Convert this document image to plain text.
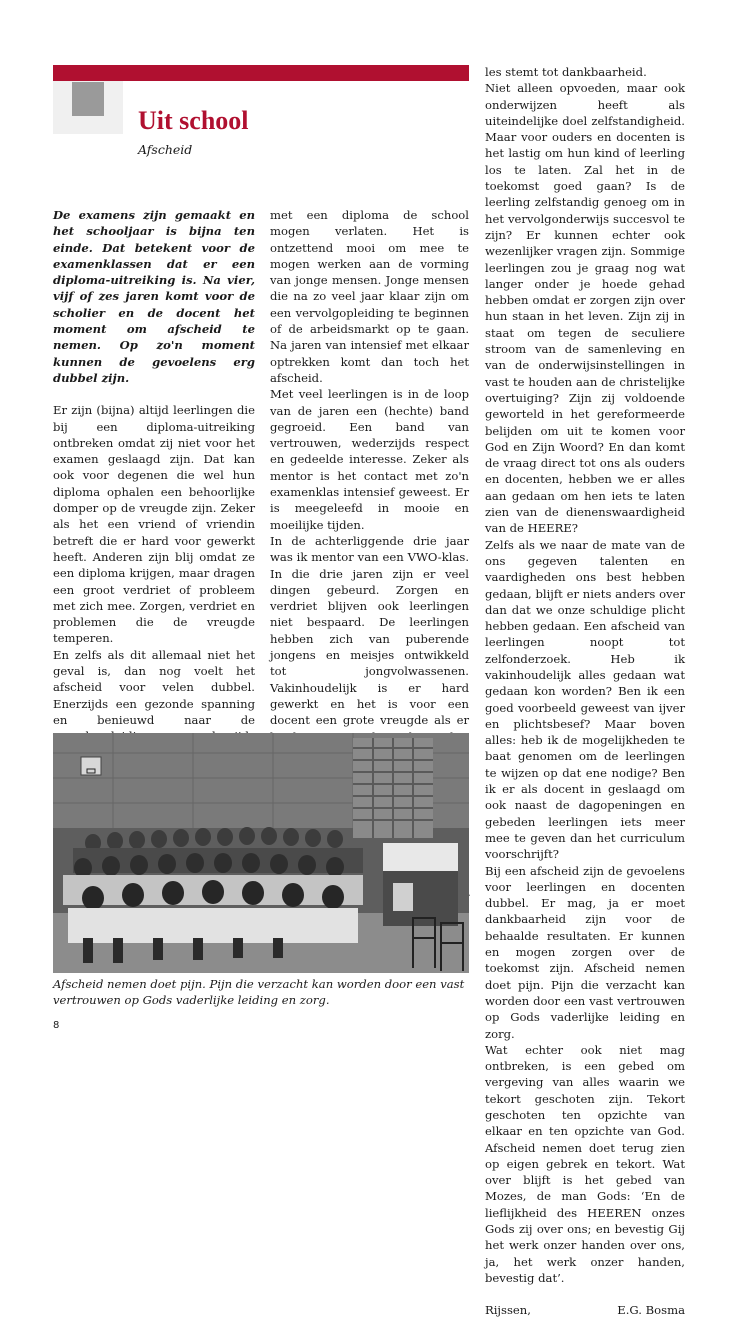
Uit school
Afscheid

De examens zijn gemaakt en het schooljaar is bijna ten einde. Dat betekent voor de examenklassen dat er een diploma-uitreiking is. Na vier, vijf of zes jaren komt voor de scholier en de docent het moment om afscheid te nemen. Op zo'n moment kunnen de gevoelens erg dubbel zijn.

Er zijn (bijna) altijd leerlingen die bij een diploma-uitreiking ontbreken omdat zij niet voor het examen geslaagd zijn. Dat kan ook voor degenen die wel hun diploma ophalen een behoorlijke domper op de vreugde zijn. Zeker als het een vriend of vriendin betreft die er hard voor gewerkt heeft. Anderen zijn blij omdat ze een diploma krijgen, maar dragen een groot verdriet of probleem met zich mee. Zorgen, verdriet en problemen die de vreugde temperen.

En zelfs als dit allemaal niet het geval is, dan nog voelt het afscheid voor velen dubbel. Enerzijds een gezonde spanning en benieuwd naar de

met een diploma de school mogen verlaten. Het is ontzettend mooi om mee te mogen werken aan de vorming van jonge mensen. Jonge mensen die na zo veel jaar klaar zijn om een vervolgopleiding te beginnen of de arbeidsmarkt op te gaan. Na jaren van intensief met elkaar optrekken komt dan toch het afscheid.

Met veel leerlingen is in de loop van de jaren een (hechte) band gegroeid. Een band van vertrouwen, wederzijds respect en gedeelde interesse. Zeker als mentor is het contact met zo'n examenklas intensief geweest. Er is meegeleefd in mooie en moeilijke tijden.

In de achterliggende drie jaar was ik mentor van een VWO-klas. In die drie jaren zijn er veel dingen gebeurd. Zorgen en verdriet blijven ook leerlingen niet bespaard. De leerlingen hebben zich van puberende jongens en meisjes ontwikkeld tot jongvolwassenen. Vakinhoudelijk is er hard gewerkt en het is voor een docent een grote vreugde als er

les stemt tot dankbaarheid.

Niet alleen opvoeden, maar ook onderwijzen heeft als uiteindelijke doel zelfstandigheid. Maar voor ouders en docenten is het lastig om hun kind of leerling los te laten. Zal het in de toekomst goed gaan? Is de leerling zelfstandig genoeg om in het vervolgonderwijs succesvol te zijn? Er kunnen echter ook wezenlijker vragen zijn. Sommige leerlingen zou je graag nog wat langer onder je hoede gehad hebben omdat er zorgen zijn over hun staan in het leven. Zijn zij in staat om tegen de seculiere stroom van de samenleving en van de onderwijsinstellingen in vast te houden aan de christelijke overtuiging? Zijn zij voldoende geworteld in het gereformeerde belijden om uit te komen voor God en Zijn Woord? En dan komt de vraag direct tot ons als ouders en docenten, hebben we er alles aan gedaan om hen iets te laten zien van de dienenswaardigheid van de HEERE?

Zelfs als we naar de mate van de ons gegeven talenten en vaardigheden ons best hebben gedaan, blijft er niets anders over dan dat we onze schuldige plicht hebben gedaan. Een afscheid van leerlingen noopt tot zelfonderzoek. Heb ik vakinhoudelijk alles gedaan wat gedaan kon worden? Ben ik een goed voorbeeld geweest van ijver en plichtsbesef? Maar boven alles: heb ik de mogelijkheden te baat genomen om de leerlingen te wijzen op dat ene nodige? Ben ik er als docent in geslaagd om ook naast de dagopeningen en gebeden leerlingen iets meer mee te geven dan het curriculum voorschrijft?

Bij een afscheid zijn de gevoelens voor leerlingen en docenten dubbel. Er mag, ja er moet dankbaarheid zijn voor de behaalde resultaten. Er kunnen en mogen zorgen over de toekomst zijn. Afscheid nemen doet pijn. Pijn die verzacht kan worden door een vast vertrouwen op Gods vaderlijke leiding en zorg.

Wat echter ook niet mag ontbreken, is een gebed om vergeving van alles waarin we tekort geschoten zijn. Tekort geschoten ten opzichte van elkaar en ten opzichte van God. Afscheid nemen doet terug zien op eigen gebrek en tekort. Wat over blijft is het gebed van Mozes, de man Gods: ‘En de lieflijkheid des HEEREN onzes Gods zij over ons; en bevestig Gij het werk onzer handen over ons, ja, het werk onzer handen, bevestig dat’.

Rijssen,	E.G. Bosma

Afscheid nemen doet pijn. Pijn die verzacht kan worden door een vast vertrouwen op Gods vaderlijke leiding en zorg.
8
